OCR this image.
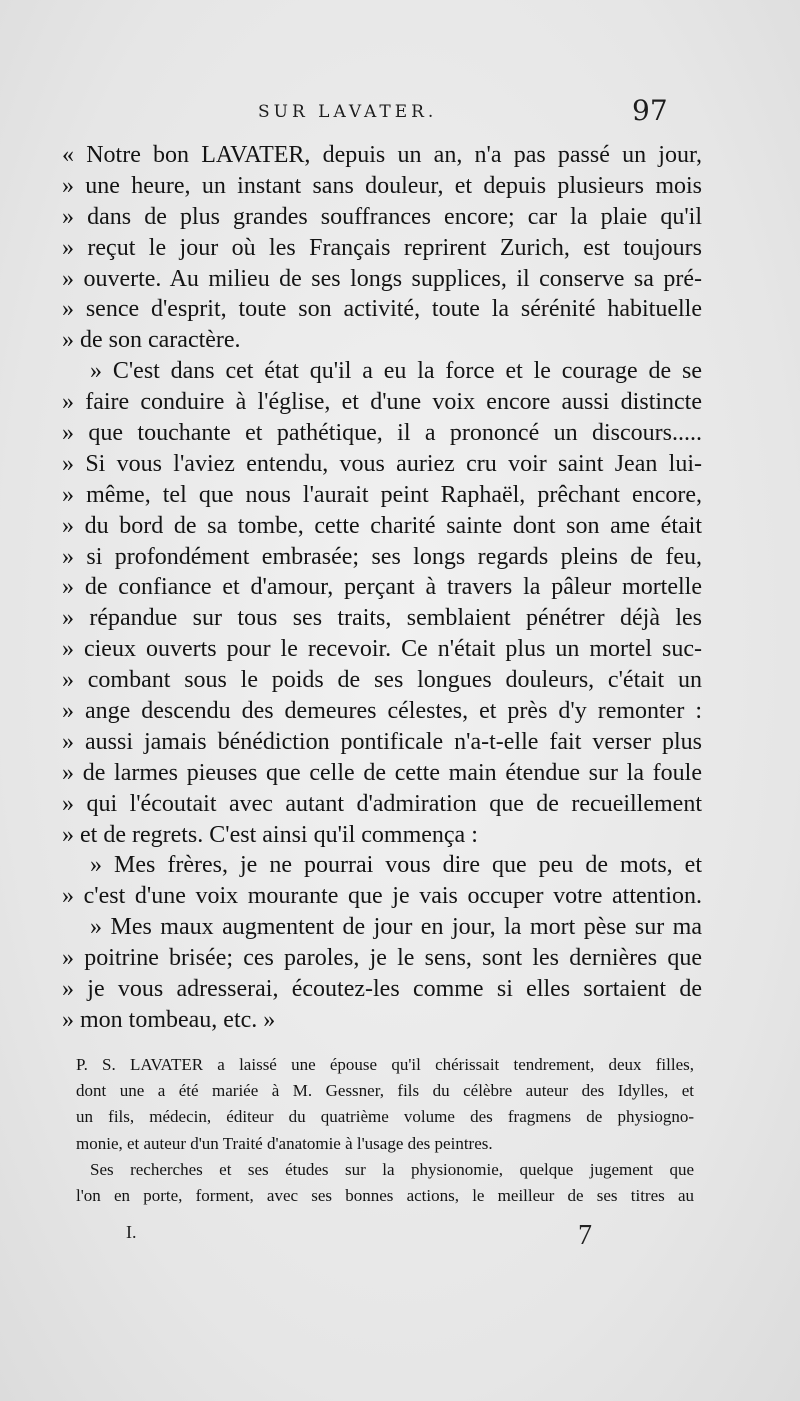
SUR LAVATER.	97
« Notre bon LAVATER, depuis un an, n'a pas passé un jour,
» une heure, un instant sans douleur, et depuis plusieurs mois
» dans de plus grandes souffrances encore; car la plaie qu'il
» reçut le jour où les Français reprirent Zurich, est toujours
» ouverte. Au milieu de ses longs supplices, il conserve sa pré-
» sence d'esprit, toute son activité, toute la sérénité habituelle
» de son caractère.
» C'est dans cet état qu'il a eu la force et le courage de se
» faire conduire à l'église, et d'une voix encore aussi distincte
» que touchante et pathétique, il a prononcé un discours.....
» Si vous l'aviez entendu, vous auriez cru voir saint Jean lui-
» même, tel que nous l'aurait peint Raphaël, prêchant encore,
» du bord de sa tombe, cette charité sainte dont son ame était
» si profondément embrasée; ses longs regards pleins de feu,
» de confiance et d'amour, perçant à travers la pâleur mortelle
» répandue sur tous ses traits, semblaient pénétrer déjà les
» cieux ouverts pour le recevoir. Ce n'était plus un mortel suc-
» combant sous le poids de ses longues douleurs, c'était un
» ange descendu des demeures célestes, et près d'y remonter :
» aussi jamais bénédiction pontificale n'a-t-elle fait verser plus
» de larmes pieuses que celle de cette main étendue sur la foule
» qui l'écoutait avec autant d'admiration que de recueillement
» et de regrets. C'est ainsi qu'il commença :
» Mes frères, je ne pourrai vous dire que peu de mots, et
» c'est d'une voix mourante que je vais occuper votre attention.
» Mes maux augmentent de jour en jour, la mort pèse sur ma
» poitrine brisée; ces paroles, je le sens, sont les dernières que
» je vous adresserai, écoutez-les comme si elles sortaient de
» mon tombeau, etc. »
P. S. LAVATER a laissé une épouse qu'il chérissait tendrement, deux filles,
dont une a été mariée à M. Gessner, fils du célèbre auteur des Idylles, et
un fils, médecin, éditeur du quatrième volume des fragmens de physiogno-
monie, et auteur d'un Traité d'anatomie à l'usage des peintres.
Ses recherches et ses études sur la physionomie, quelque jugement que
l'on en porte, forment, avec ses bonnes actions, le meilleur de ses titres au
I.	7
